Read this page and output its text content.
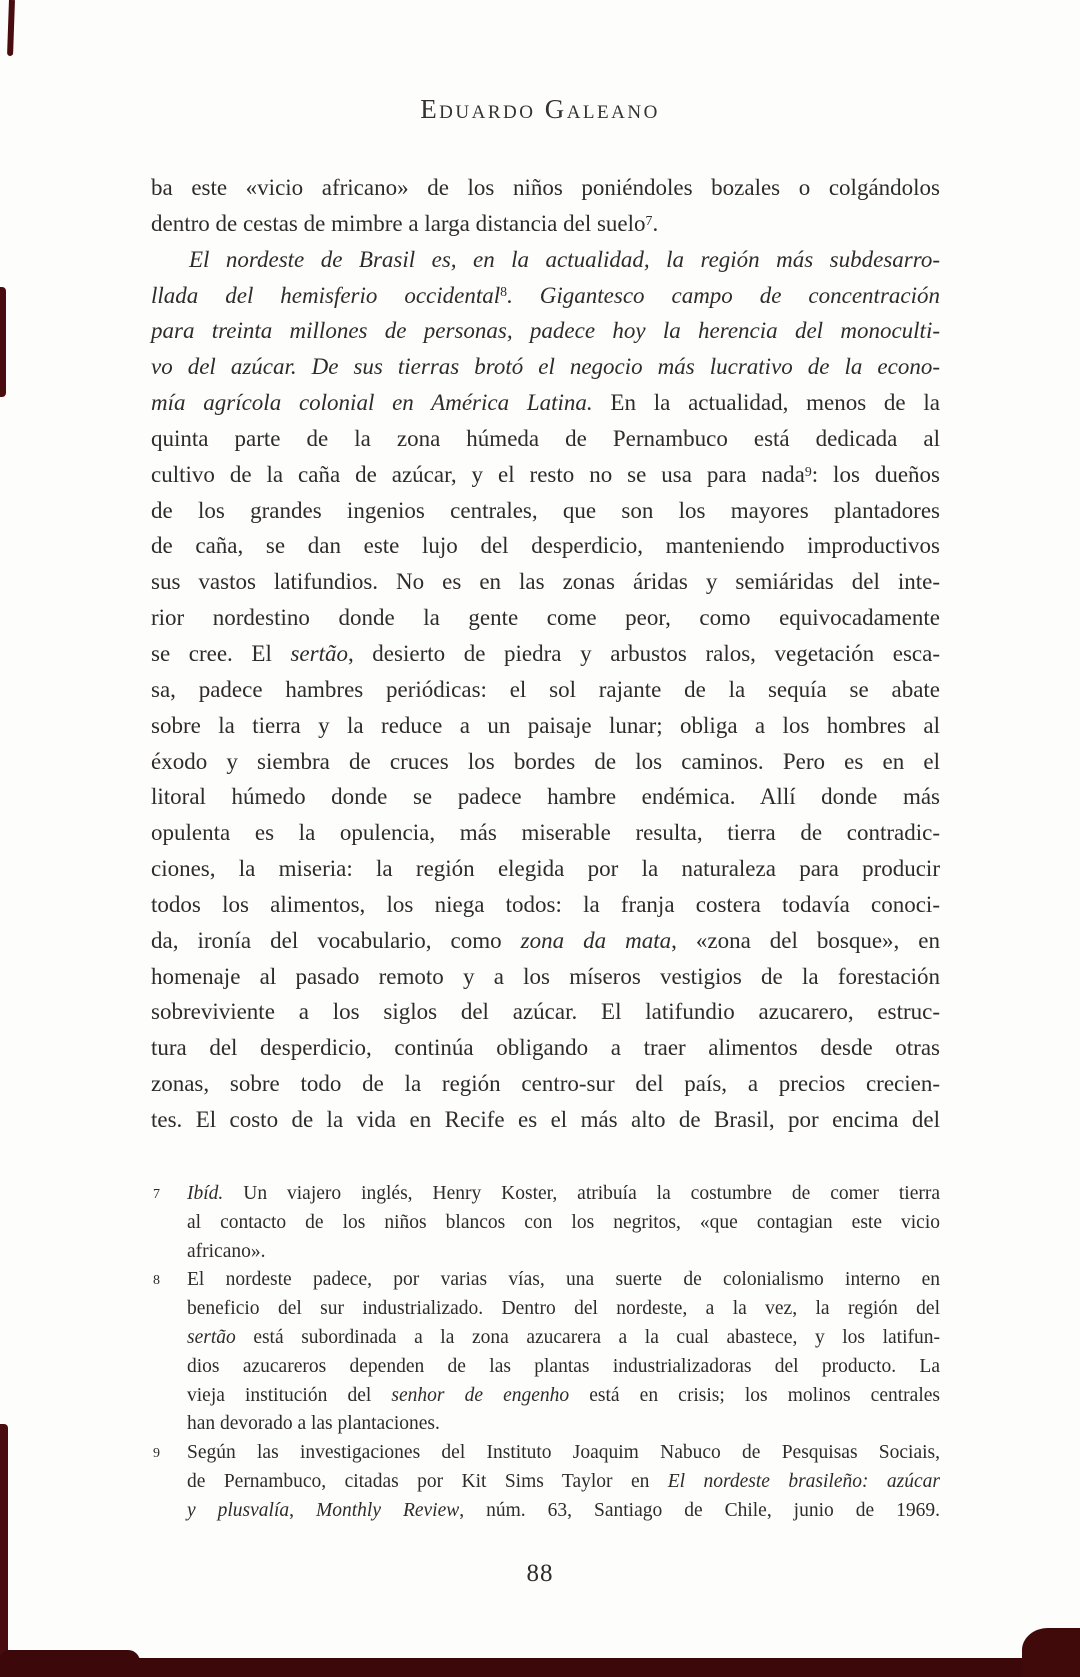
Eduardo Galeano
ba este «vicio africano» de los niños poniéndoles bozales o colgándolos
dentro de cestas de mimbre a larga distancia del suelo$^7$.
El nordeste de Brasil es, en la actualidad, la región más subdesarro-
llada del hemisferio occidental$^8$. Gigantesco campo de concentración
para treinta millones de personas, padece hoy la herencia del monoculti-
vo del azúcar. De sus tierras brotó el negocio más lucrativo de la econo-
mía agrícola colonial en América Latina. En la actualidad, menos de la
quinta parte de la zona húmeda de Pernambuco está dedicada al
cultivo de la caña de azúcar, y el resto no se usa para nada$^9$: los dueños
de los grandes ingenios centrales, que son los mayores plantadores
de caña, se dan este lujo del desperdicio, manteniendo improductivos
sus vastos latifundios. No es en las zonas áridas y semiáridas del inte-
rior nordestino donde la gente come peor, como equivocadamente
se cree. El sertão, desierto de piedra y arbustos ralos, vegetación esca-
sa, padece hambres periódicas: el sol rajante de la sequía se abate
sobre la tierra y la reduce a un paisaje lunar; obliga a los hombres al
éxodo y siembra de cruces los bordes de los caminos. Pero es en el
litoral húmedo donde se padece hambre endémica. Allí donde más
opulenta es la opulencia, más miserable resulta, tierra de contradic-
ciones, la miseria: la región elegida por la naturaleza para producir
todos los alimentos, los niega todos: la franja costera todavía conoci-
da, ironía del vocabulario, como zona da mata, «zona del bosque», en
homenaje al pasado remoto y a los míseros vestigios de la forestación
sobreviviente a los siglos del azúcar. El latifundio azucarero, estruc-
tura del desperdicio, continúa obligando a traer alimentos desde otras
zonas, sobre todo de la región centro-sur del país, a precios crecien-
tes. El costo de la vida en Recife es el más alto de Brasil, por encima del
7 Ibíd. Un viajero inglés, Henry Koster, atribuía la costumbre de comer tierra
al contacto de los niños blancos con los negritos, «que contagian este vicio
africano».
8 El nordeste padece, por varias vías, una suerte de colonialismo interno en
beneficio del sur industrializado. Dentro del nordeste, a la vez, la región del
sertão está subordinada a la zona azucarera a la cual abastece, y los latifun-
dios azucareros dependen de las plantas industrializadoras del producto. La
vieja institución del senhor de engenho está en crisis; los molinos centrales
han devorado a las plantaciones.
9 Según las investigaciones del Instituto Joaquim Nabuco de Pesquisas Sociais,
de Pernambuco, citadas por Kit Sims Taylor en El nordeste brasileño: azúcar
y plusvalía, Monthly Review, núm. 63, Santiago de Chile, junio de 1969.
88
